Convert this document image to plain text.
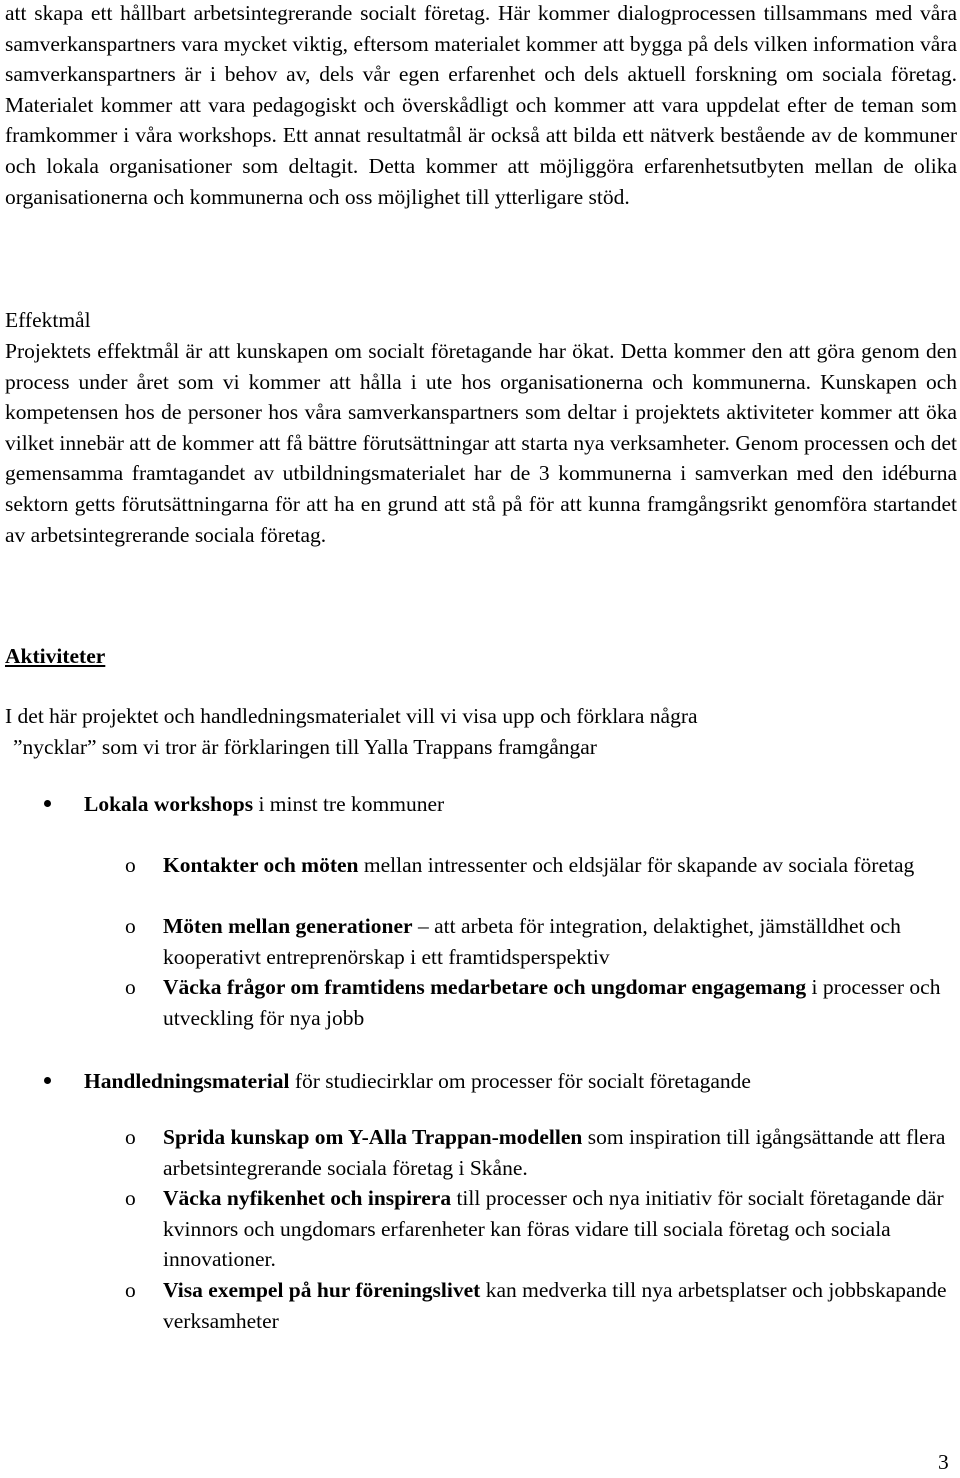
att skapa ett hållbart arbetsintegrerande socialt företag. Här kommer dialogprocessen tillsammans med våra samverkanspartners vara mycket viktig, eftersom materialet kommer att bygga på dels vilken information våra samverkanspartners är i behov av, dels vår egen erfarenhet och dels aktuell forskning om sociala företag. Materialet kommer att vara pedagogiskt och överskådligt och kommer att vara uppdelat efter de teman som framkommer i våra workshops. Ett annat resultatmål är också att bilda ett nätverk bestående av de kommuner och lokala organisationer som deltagit. Detta kommer att möjliggöra erfarenhetsutbyten mellan de olika organisationerna och kommunerna och oss möjlighet till ytterligare stöd.

Effektmål

Projektets effektmål är att kunskapen om socialt företagande har ökat. Detta kommer den att göra genom den process under året som vi kommer att hålla i ute hos organisationerna och kommunerna. Kunskapen och kompetensen hos de personer hos våra samverkanspartners som deltar i projektets aktiviteter kommer att öka vilket innebär att de kommer att få bättre förutsättningar att starta nya verksamheter. Genom processen och det gemensamma framtagandet av utbildningsmaterialet har de 3 kommunerna i samverkan med den idéburna sektorn getts förutsättningarna för att ha en grund att stå på för att kunna framgångsrikt genomföra startandet av arbetsintegrerande sociala företag.

Aktiviteter

I det här projektet och handledningsmaterialet vill vi visa upp och förklara några
”nycklar” som vi tror är förklaringen till Yalla Trappans framgångar

Lokala workshops i minst tre kommuner

o Kontakter och möten mellan intressenter och eldsjälar för skapande av sociala företag

o Möten mellan generationer – att arbeta för integration, delaktighet, jämställdhet och kooperativt entreprenörskap i ett framtidsperspektiv

o Väcka frågor om framtidens medarbetare och ungdomar engagemang i processer och utveckling för nya jobb

Handledningsmaterial för studiecirklar om processer för socialt företagande

o Sprida kunskap om Y-Alla Trappan-modellen som inspiration till igångsättande att flera arbetsintegrerande sociala företag i Skåne.

o Väcka nyfikenhet och inspirera till processer och nya initiativ för socialt företagande där kvinnors och ungdomars erfarenheter kan föras vidare till sociala företag och sociala innovationer.

o Visa exempel på hur föreningslivet kan medverka till nya arbetsplatser och jobbskapande verksamheter

3
